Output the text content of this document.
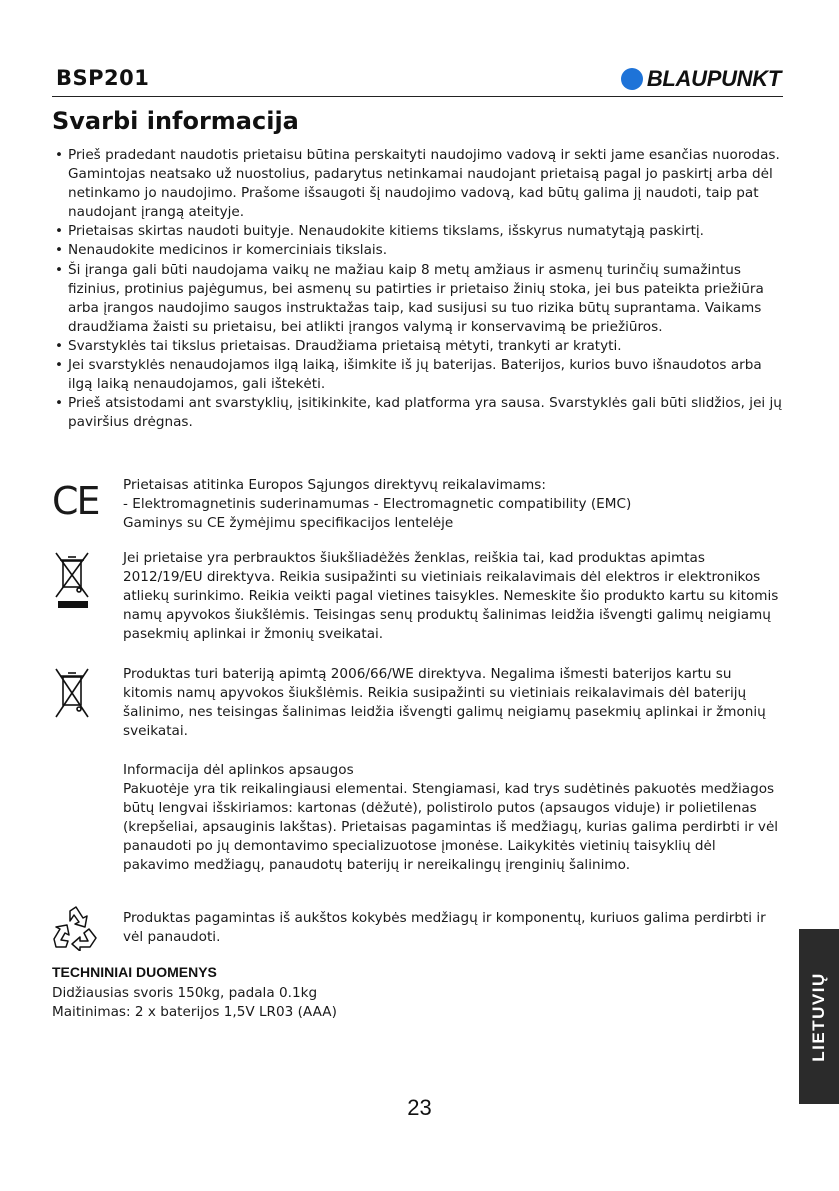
BSP201	BLAUPUNKT
Svarbi informacija
• Prieš pradedant naudotis prietaisu būtina perskaityti naudojimo vadovą ir sekti jame esančias nuorodas. Gamintojas neatsako už nuostolius, padarytus netinkamai naudojant prietaisą pagal jo paskirtį arba dėl netinkamo jo naudojimo. Prašome išsaugoti šį naudojimo vadovą, kad būtų galima jį naudoti, taip pat naudojant įrangą ateityje.
• Prietaisas skirtas naudoti buityje. Nenaudokite kitiems tikslams, išskyrus numatytąją paskirtį.
• Nenaudokite medicinos ir komerciniais tikslais.
• Ši įranga gali būti naudojama vaikų ne mažiau kaip 8 metų amžiaus ir asmenų turinčių sumažintus fizinius, protinius pajėgumus, bei asmenų su patirties ir prietaiso žinių stoka, jei bus pateikta priežiūra arba įrangos naudojimo saugos instruktažas taip, kad susijusi su tuo rizika būtų suprantama. Vaikams draudžiama žaisti su prietaisu, bei atlikti įrangos valymą ir konservavimą be priežiūros.
• Svarstyklės tai tikslus prietaisas. Draudžiama prietaisą mėtyti, trankyti ar kratyti.
• Jei svarstyklės nenaudojamos ilgą laiką, išimkite iš jų baterijas. Baterijos, kurios buvo išnaudotos arba ilgą laiką nenaudojamos, gali ištekėti.
• Prieš atsistodami ant svarstyklių, įsitikinkite, kad platforma yra sausa. Svarstyklės gali būti slidžios, jei jų paviršius drėgnas.
CE	Prietaisas atitinka Europos Sąjungos direktyvų reikalavimams:

- Elektromagnetinis suderinamumas - Electromagnetic compatibility (EMC)

Gaminys su CE žymėjimu specifikacijos lentelėje

Jei prietaise yra perbrauktos šiukšliadėžės ženklas, reiškia tai, kad produktas apimtas 2012/19/EU direktyva. Reikia susipažinti su vietiniais reikalavimais dėl elektros ir elektronikos atliekų surinkimo. Reikia veikti pagal vietines taisykles. Nemeskite šio produkto kartu su kitomis namų apyvokos šiukšlėmis. Teisingas senų produktų šalinimas leidžia išvengti galimų neigiamų pasekmių aplinkai ir žmonių sveikatai.
Produktas turi bateriją apimtą 2006/66/WE direktyva. Negalima išmesti baterijos kartu su kitomis namų apyvokos šiukšlėmis. Reikia susipažinti su vietiniais reikalavimais dėl baterijų šalinimo, nes teisingas šalinimas leidžia išvengti galimų neigiamų pasekmių aplinkai ir žmonių sveikatai.

Informacija dėl aplinkos apsaugos

Pakuotėje yra tik reikalingiausi elementai. Stengiamasi, kad trys sudėtinės pakuotės medžiagos būtų lengvai išskiriamos: kartonas (dėžutė), polistirolo putos (apsaugos viduje) ir polietilenas (krepšeliai, apsauginis lakštas). Prietaisas pagamintas iš medžiagų, kurias galima perdirbti ir vėl panaudoti po jų demontavimo specializuotose įmonėse. Laikykitės vietinių taisyklių dėl pakavimo medžiagų, panaudotų baterijų ir nereikalingų įrenginių šalinimo.

Produktas pagamintas iš aukštos kokybės medžiagų ir komponentų, kuriuos galima perdirbti ir vėl panaudoti.
TECHNINIAI DUOMENYS
Didžiausias svoris 150kg, padala 0.1kg
Maitinimas: 2 x baterijos 1,5V LR03 (AAA)
23
LIETUVIŲ
